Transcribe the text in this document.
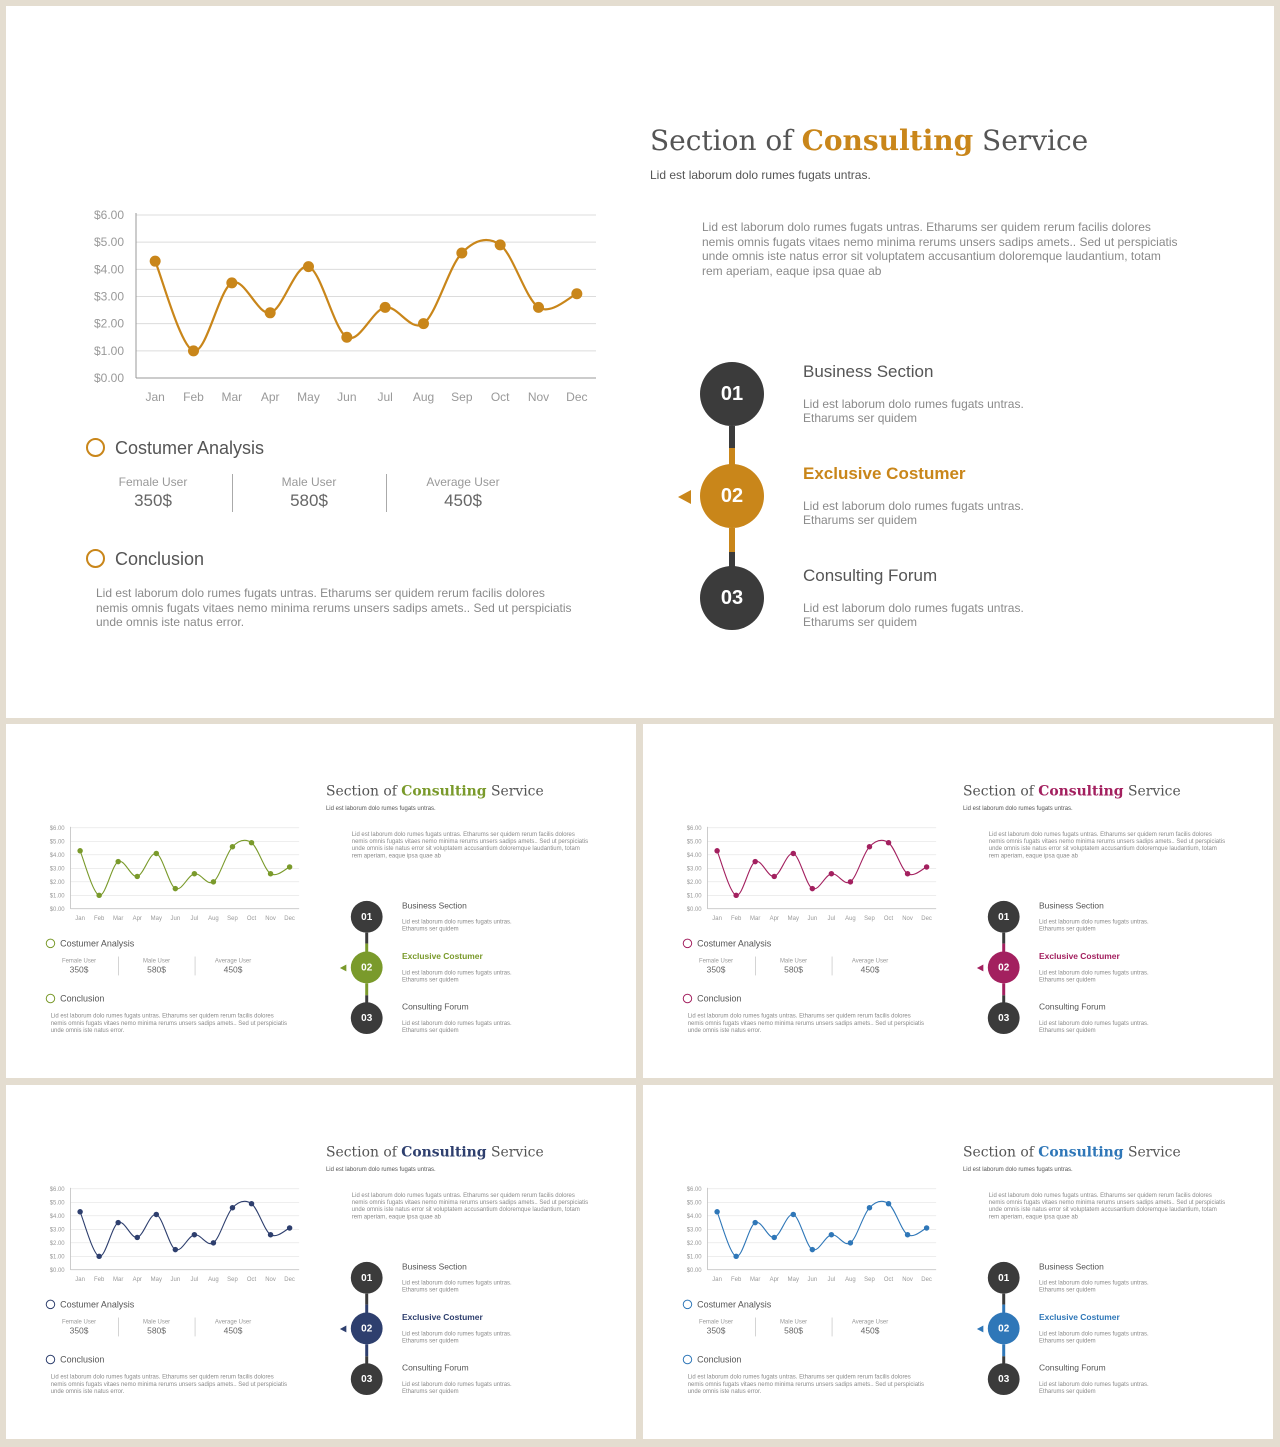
Section of Consulting Service
Lid est laborum dolo rumes fugats untras.
Lid est laborum dolo rumes fugats untras. Etharums ser quidem rerum facilis dolores nemis omnis fugats vitaes nemo minima rerums unsers sadips amets.. Sed ut perspiciatis unde omnis iste natus error sit voluptatem accusantium doloremque laudantium, totam rem aperiam, eaque ipsa quae ab
$0.00
$1.00
$2.00
$3.00
$4.00
$5.00
$6.00
Jan Feb Mar Apr May Jun Jul Aug Sep Oct Nov Dec
Costumer Analysis
Female User
350$
Male User
580$
Average User
450$
Conclusion
Lid est laborum dolo rumes fugats untras. Etharums ser quidem rerum facilis dolores nemis omnis fugats vitaes nemo minima rerums unsers sadips amets.. Sed ut perspiciatis unde omnis iste natus error.
01
02
03
Business Section
Lid est laborum dolo rumes fugats untras. Etharums ser quidem
Exclusive Costumer
Lid est laborum dolo rumes fugats untras. Etharums ser quidem
Consulting Forum
Lid est laborum dolo rumes fugats untras. Etharums ser quidem
Section of Consulting Service
Lid est laborum dolo rumes fugats untras.
Lid est laborum dolo rumes fugats untras. Etharums ser quidem rerum facilis dolores nemis omnis fugats vitaes nemo minima rerums unsers sadips amets.. Sed ut perspiciatis unde omnis iste natus error sit voluptatem accusantium doloremque laudantium, totam rem aperiam, eaque ipsa quae ab
$0.00
$1.00
$2.00
$3.00
$4.00
$5.00
$6.00
Jan Feb Mar Apr May Jun Jul Aug Sep Oct Nov Dec
Costumer Analysis
Female User
350$
Male User
580$
Average User
450$
Conclusion
Lid est laborum dolo rumes fugats untras. Etharums ser quidem rerum facilis dolores nemis omnis fugats vitaes nemo minima rerums unsers sadips amets.. Sed ut perspiciatis unde omnis iste natus error.
01
02
03
Business Section
Lid est laborum dolo rumes fugats untras. Etharums ser quidem
Exclusive Costumer
Lid est laborum dolo rumes fugats untras. Etharums ser quidem
Consulting Forum
Lid est laborum dolo rumes fugats untras. Etharums ser quidem
Section of Consulting Service
Lid est laborum dolo rumes fugats untras.
Lid est laborum dolo rumes fugats untras. Etharums ser quidem rerum facilis dolores nemis omnis fugats vitaes nemo minima rerums unsers sadips amets.. Sed ut perspiciatis unde omnis iste natus error sit voluptatem accusantium doloremque laudantium, totam rem aperiam, eaque ipsa quae ab
$0.00
$1.00
$2.00
$3.00
$4.00
$5.00
$6.00
Jan Feb Mar Apr May Jun Jul Aug Sep Oct Nov Dec
Costumer Analysis
Female User
350$
Male User
580$
Average User
450$
Conclusion
Lid est laborum dolo rumes fugats untras. Etharums ser quidem rerum facilis dolores nemis omnis fugats vitaes nemo minima rerums unsers sadips amets.. Sed ut perspiciatis unde omnis iste natus error.
01
02
03
Business Section
Lid est laborum dolo rumes fugats untras. Etharums ser quidem
Exclusive Costumer
Lid est laborum dolo rumes fugats untras. Etharums ser quidem
Consulting Forum
Lid est laborum dolo rumes fugats untras. Etharums ser quidem
Section of Consulting Service
Lid est laborum dolo rumes fugats untras.
Lid est laborum dolo rumes fugats untras. Etharums ser quidem rerum facilis dolores nemis omnis fugats vitaes nemo minima rerums unsers sadips amets.. Sed ut perspiciatis unde omnis iste natus error sit voluptatem accusantium doloremque laudantium, totam rem aperiam, eaque ipsa quae ab
$0.00
$1.00
$2.00
$3.00
$4.00
$5.00
$6.00
Jan Feb Mar Apr May Jun Jul Aug Sep Oct Nov Dec
Costumer Analysis
Female User
350$
Male User
580$
Average User
450$
Conclusion
Lid est laborum dolo rumes fugats untras. Etharums ser quidem rerum facilis dolores nemis omnis fugats vitaes nemo minima rerums unsers sadips amets.. Sed ut perspiciatis unde omnis iste natus error.
01
02
03
Business Section
Lid est laborum dolo rumes fugats untras. Etharums ser quidem
Exclusive Costumer
Lid est laborum dolo rumes fugats untras. Etharums ser quidem
Consulting Forum
Lid est laborum dolo rumes fugats untras. Etharums ser quidem
Section of Consulting Service
Lid est laborum dolo rumes fugats untras.
Lid est laborum dolo rumes fugats untras. Etharums ser quidem rerum facilis dolores nemis omnis fugats vitaes nemo minima rerums unsers sadips amets.. Sed ut perspiciatis unde omnis iste natus error sit voluptatem accusantium doloremque laudantium, totam rem aperiam, eaque ipsa quae ab
$0.00
$1.00
$2.00
$3.00
$4.00
$5.00
$6.00
Jan Feb Mar Apr May Jun Jul Aug Sep Oct Nov Dec
Costumer Analysis
Female User
350$
Male User
580$
Average User
450$
Conclusion
Lid est laborum dolo rumes fugats untras. Etharums ser quidem rerum facilis dolores nemis omnis fugats vitaes nemo minima rerums unsers sadips amets.. Sed ut perspiciatis unde omnis iste natus error.
01
02
03
Business Section
Lid est laborum dolo rumes fugats untras. Etharums ser quidem
Exclusive Costumer
Lid est laborum dolo rumes fugats untras. Etharums ser quidem
Consulting Forum
Lid est laborum dolo rumes fugats untras. Etharums ser quidem
